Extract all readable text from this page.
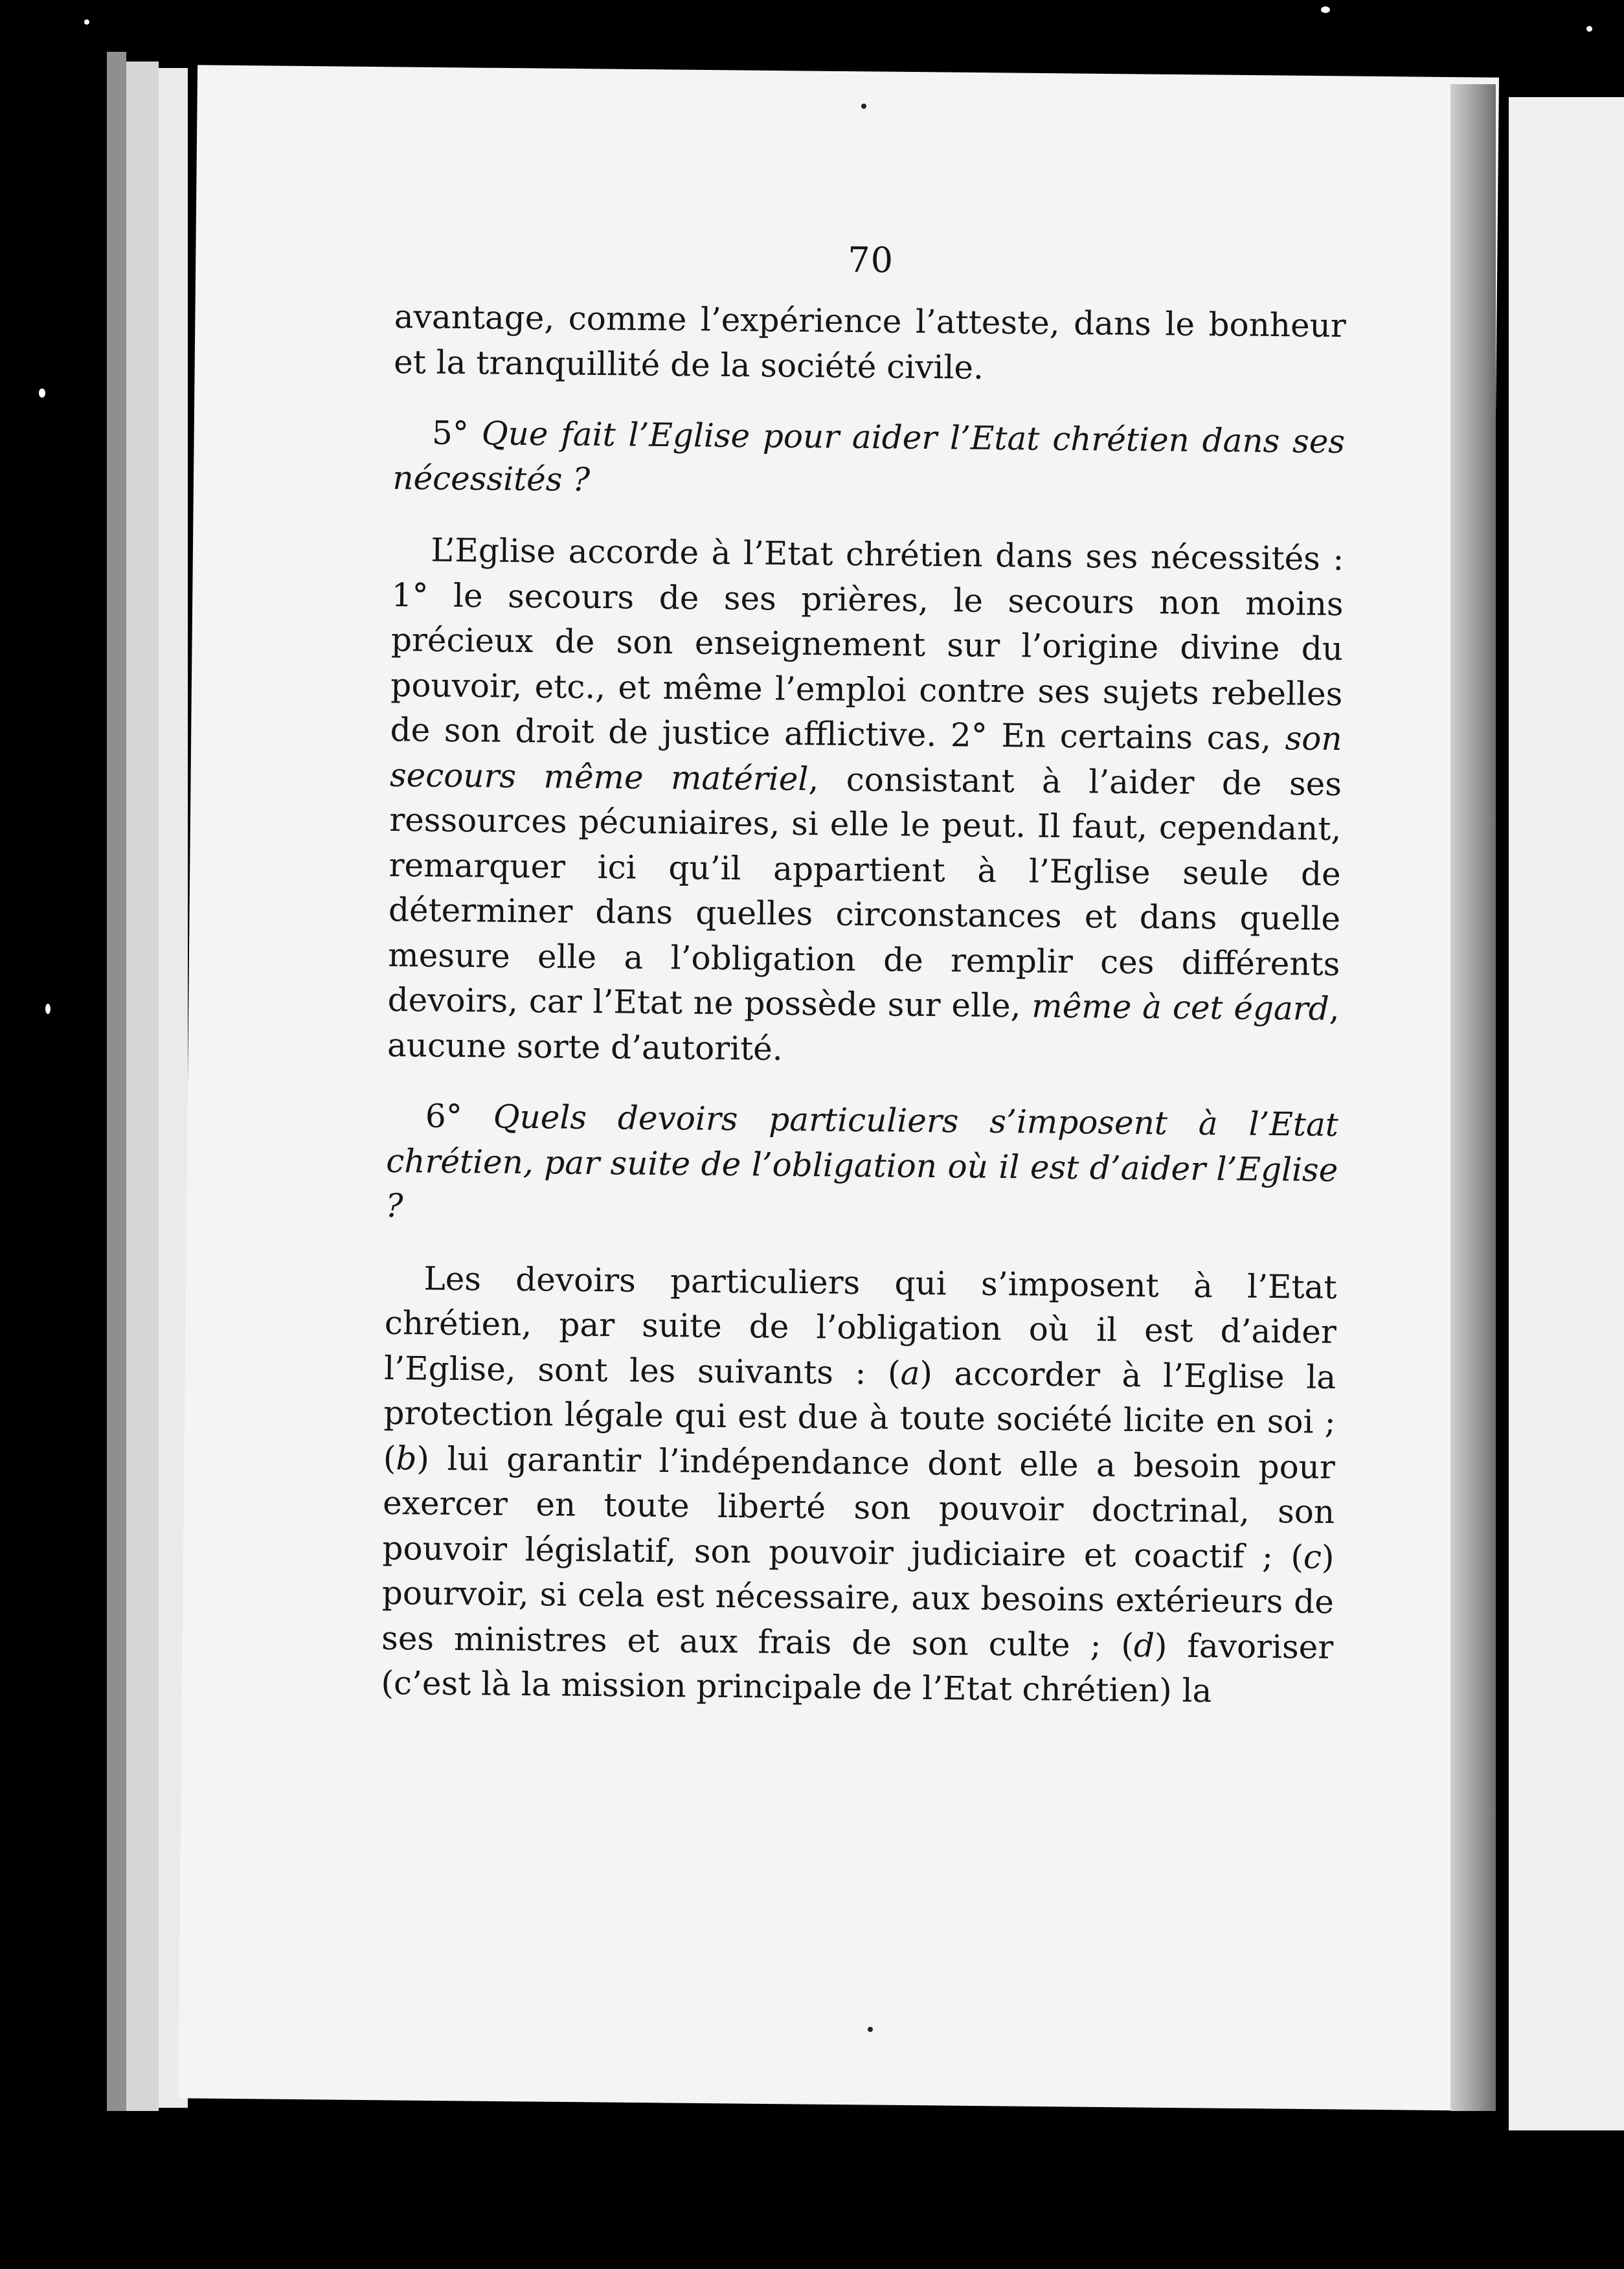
70

avantage, comme l’expérience l’atteste, dans le bonheur et la tranquillité de la société civile.

5° Que fait l’Eglise pour aider l’Etat chrétien dans ses nécessités ?

L’Eglise accorde à l’Etat chrétien dans ses nécessités : 1° le secours de ses prières, le secours non moins précieux de son enseignement sur l’origine divine du pouvoir, etc., et même l’emploi contre ses sujets rebelles de son droit de justice afflictive. 2° En certains cas, son secours même matériel, consistant à l’aider de ses ressources pécuniaires, si elle le peut. Il faut, cependant, remarquer ici qu’il appartient à l’Eglise seule de déterminer dans quelles circonstances et dans quelle mesure elle a l’obligation de remplir ces différents devoirs, car l’Etat ne possède sur elle, même à cet égard, aucune sorte d’autorité.

6° Quels devoirs particuliers s’imposent à l’Etat chrétien, par suite de l’obligation où il est d’aider l’Eglise ?

Les devoirs particuliers qui s’imposent à l’Etat chrétien, par suite de l’obligation où il est d’aider l’Eglise, sont les suivants : (a) accorder à l’Eglise la protection légale qui est due à toute société licite en soi ; (b) lui garantir l’indépendance dont elle a besoin pour exercer en toute liberté son pouvoir doctrinal, son pouvoir législatif, son pouvoir judiciaire et coactif ; (c) pourvoir, si cela est nécessaire, aux besoins extérieurs de ses ministres et aux frais de son culte ; (d) favoriser (c’est là la mission principale de l’Etat chrétien) la
